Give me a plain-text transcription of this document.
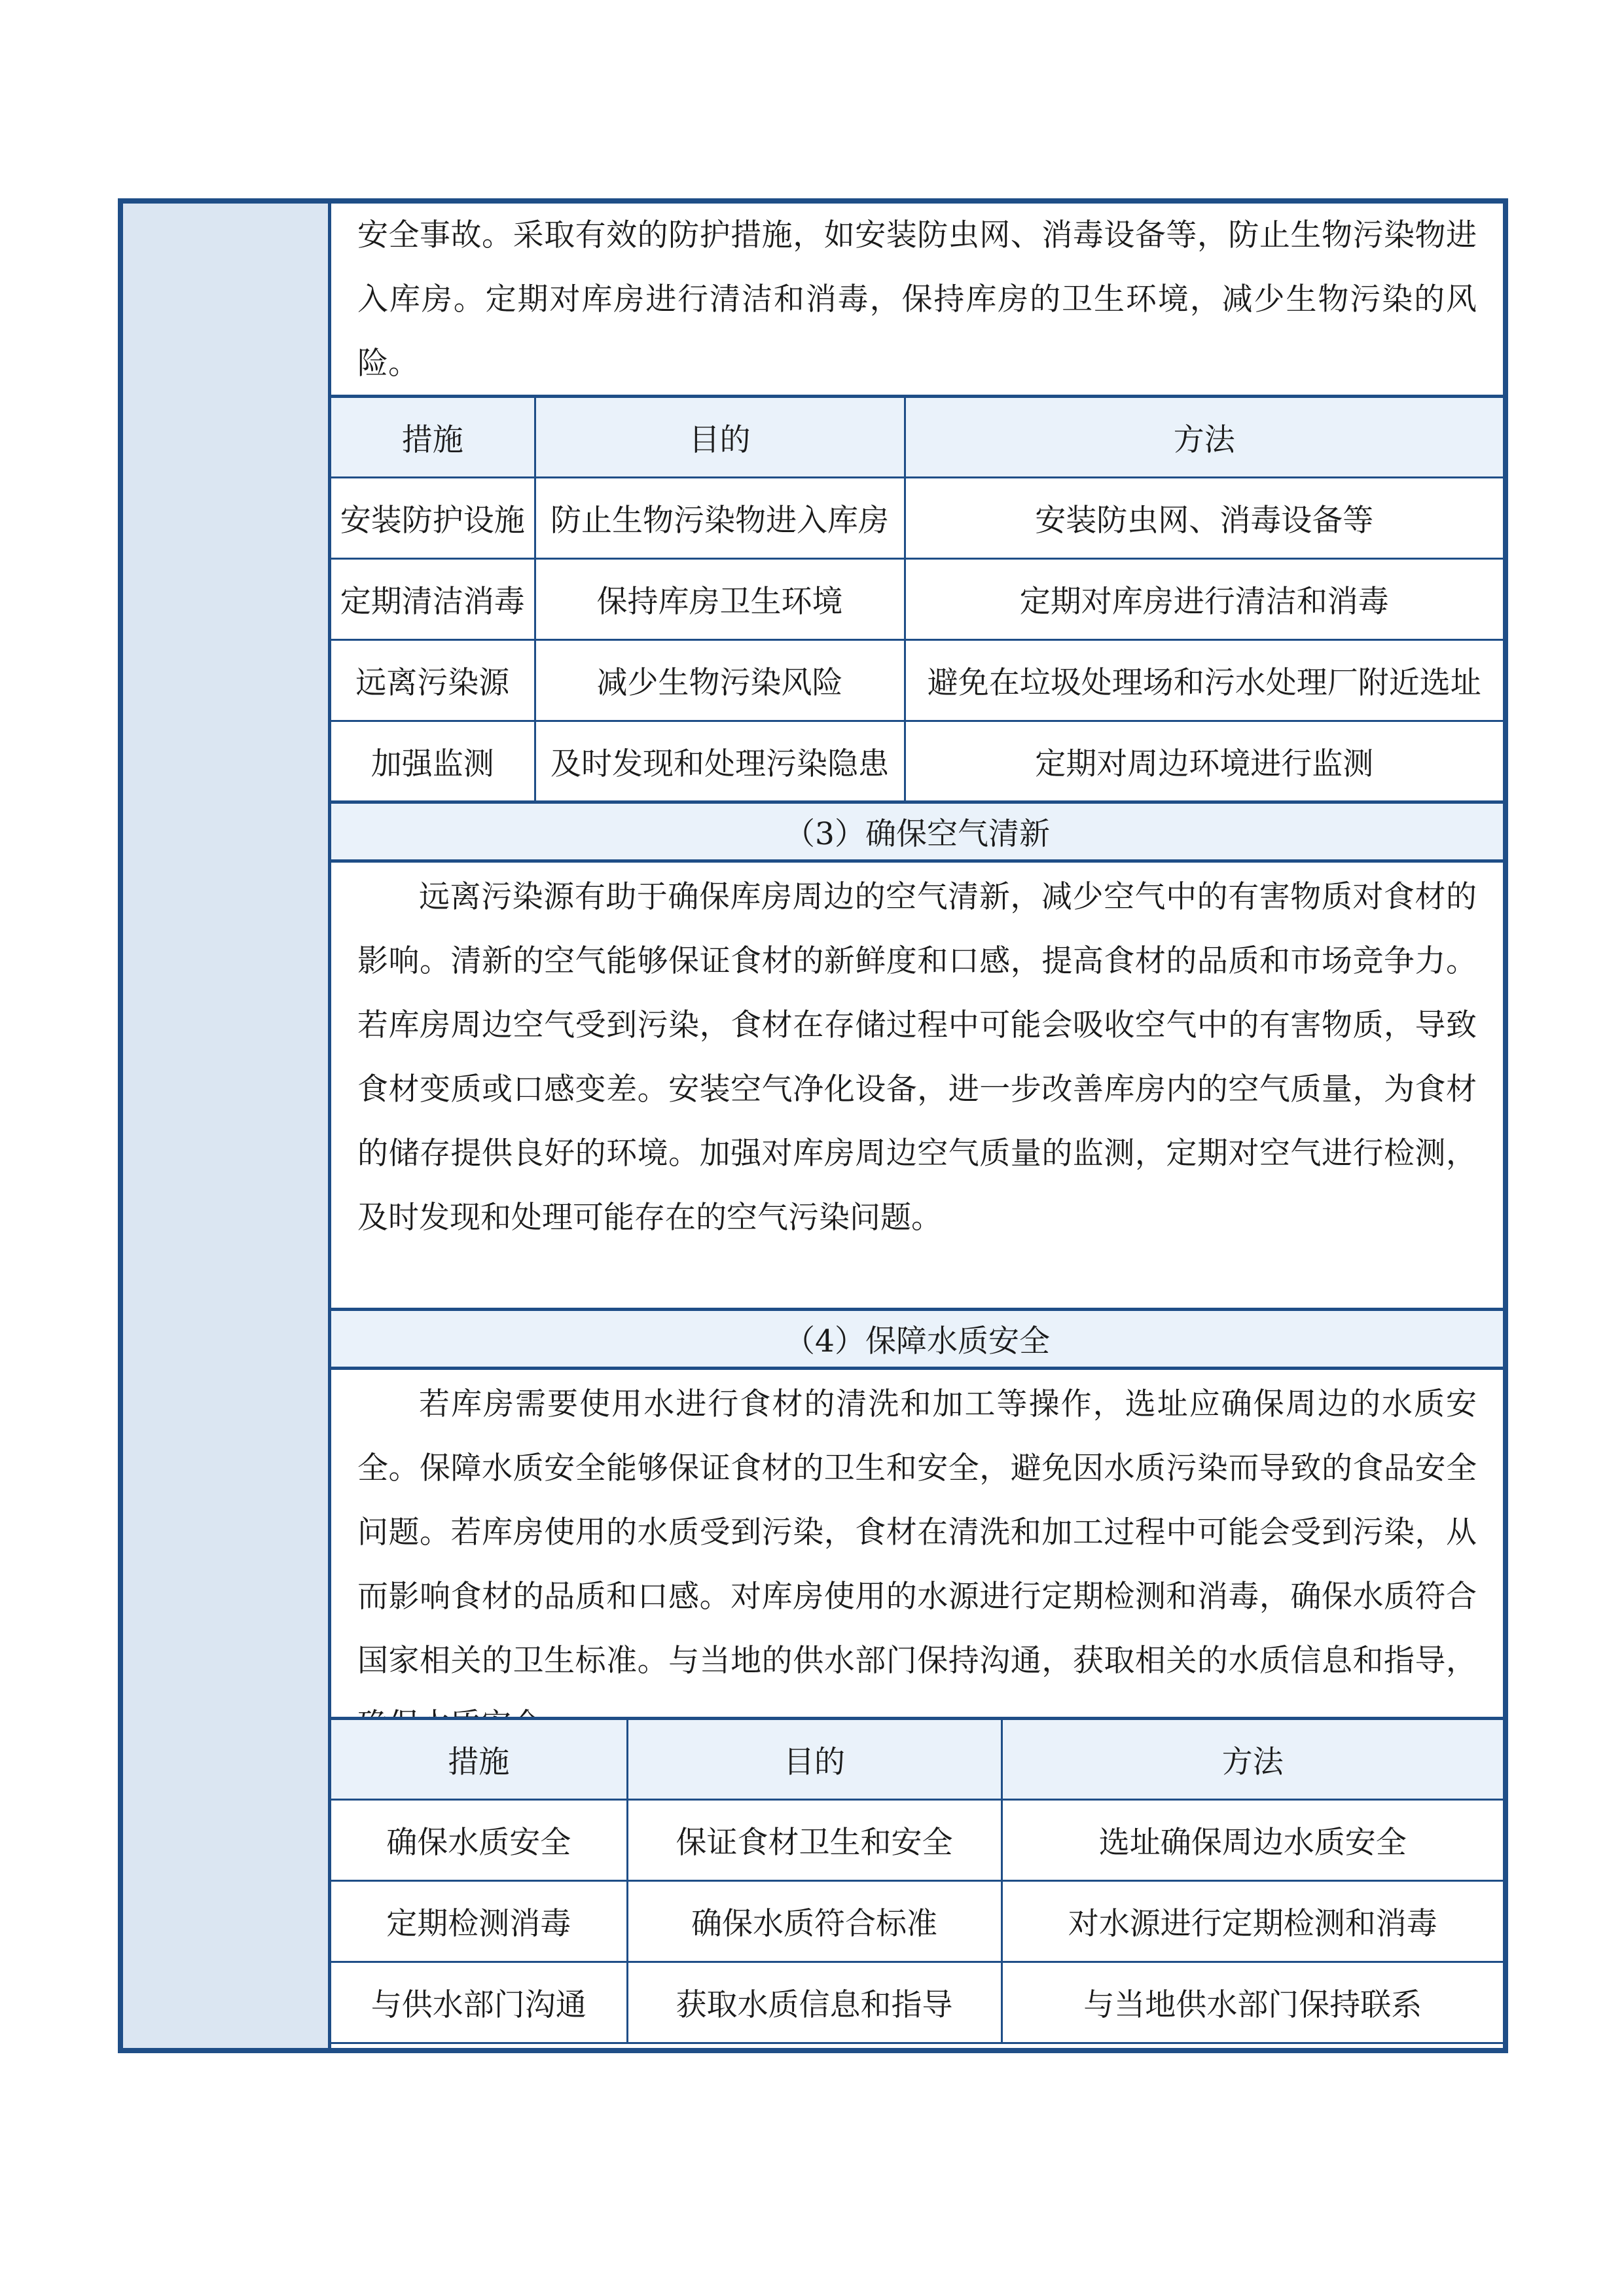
安全事故。采取有效的防护措施，如安装防虫网、消毒设备等，防止生物污染物进入库房。定期对库房进行清洁和消毒，保持库房的卫生环境，减少生物污染的风险。
措施	目的	方法
安装防护设施	防止生物污染物进入库房	安装防虫网、消毒设备等
定期清洁消毒	保持库房卫生环境	定期对库房进行清洁和消毒
远离污染源	减少生物污染风险	避免在垃圾处理场和污水处理厂附近选址
加强监测	及时发现和处理污染隐患	定期对周边环境进行监测
（3）确保空气清新
远离污染源有助于确保库房周边的空气清新，减少空气中的有害物质对食材的影响。清新的空气能够保证食材的新鲜度和口感，提高食材的品质和市场竞争力。若库房周边空气受到污染，食材在存储过程中可能会吸收空气中的有害物质，导致食材变质或口感变差。安装空气净化设备，进一步改善库房内的空气质量，为食材的储存提供良好的环境。加强对库房周边空气质量的监测，定期对空气进行检测，及时发现和处理可能存在的空气污染问题。
（4）保障水质安全
若库房需要使用水进行食材的清洗和加工等操作，选址应确保周边的水质安全。保障水质安全能够保证食材的卫生和安全，避免因水质污染而导致的食品安全问题。若库房使用的水质受到污染，食材在清洗和加工过程中可能会受到污染，从而影响食材的品质和口感。对库房使用的水源进行定期检测和消毒，确保水质符合国家相关的卫生标准。与当地的供水部门保持沟通，获取相关的水质信息和指导，确保水质安全。
措施	目的	方法
确保水质安全	保证食材卫生和安全	选址确保周边水质安全
定期检测消毒	确保水质符合标准	对水源进行定期检测和消毒
与供水部门沟通	获取水质信息和指导	与当地供水部门保持联系
